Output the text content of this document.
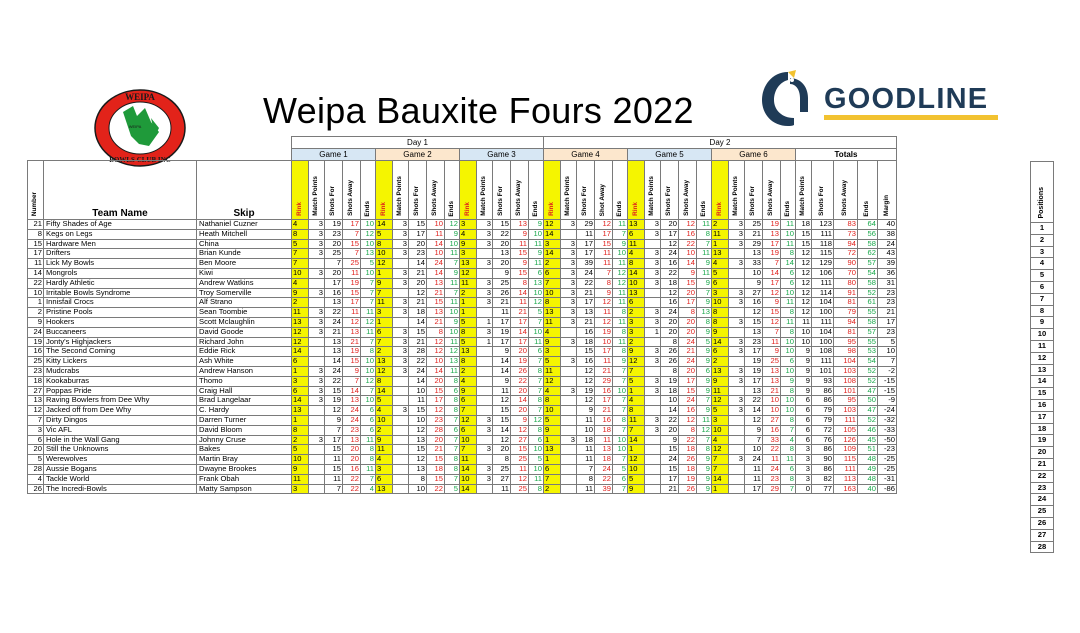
WEIPA
BOWLS CLUB INC
WEIPA	Weipa Bauxite Fours 2022	GOODLINE
			Day 1															Day 2																			
			Game 1					Game 2					Game 3					Game 4					Game 5					Game 6					Totals				
Number	Team Name	Skip	Rink	Match Points	Shots For	Shots Away	Ends	Rink	Match Points	Shots For	Shots Away	Ends	Rink	Match Points	Shots For	Shots Away	Ends	Rink	Match Points	Shots For	Shot Away	Ends	Rink	Match Points	Shots For	Shots Away	Ends	Rink	Match Points	Shots For	Shots Away	Ends	Match Points	Shots For	Shots Away	Ends	Margin
21	Fifty Shades of Age	Nathaniel Cuzner	4	3	19	17	10	14	3	15	10	12	3	3	15	13	9	12	3	29	12	11	13	3	20	12	11	2	3	25	19	11	18	123	83	64	40
8	Kegs on Legs	Heath Mitchell	8	3	23	7	12	5	3	17	11	9	4	3	22	9	10	14		11	17	7	6	3	17	16	8	11	3	21	13	10	15	111	73	56	38
15	Hardware Men	China	5	3	20	15	10	8	3	20	14	10	9	3	20	11	11	3	3	17	15	9	11		12	22	7	1	3	29	17	11	15	118	94	58	24
17	Drifters	Brian Kunde	7	3	25	7	13	10	3	23	10	11	3		13	15	9	14	3	17	11	10	4	3	24	10	11	13		13	19	8	12	115	72	62	43
11	Lick My Bowls	Ben Moore	7		7	25	5	12		14	24	7	13	3	20	9	11	2	3	39	11	11	8	3	16	14	9	4	3	33	7	14	12	129	90	57	39
14	Mongrols	Kiwi	10	3	20	11	10	1	3	21	14	9	12		9	15	6	6	3	24	7	12	14	3	22	9	11	5		10	14	6	12	106	70	54	36
22	Hardly Athletic	Andrew Watkins	4		17	19	7	9	3	20	13	11	11	3	25	8	13	7	3	22	8	12	10	3	18	15	9	6		9	17	6	12	111	80	58	31
10	Irritable Bowls Syndrome	Troy Somerville	9	3	16	15	7	7		12	21	7	2	3	26	14	10	10	3	21	9	11	13		12	20	7	3	3	27	12	10	12	114	91	52	23
1	Innisfail Crocs	Alf Strano	2		13	17	7	11	3	21	15	11	1	3	21	11	12	8	3	17	12	11	6		16	17	9	10	3	16	9	11	12	104	81	61	23
2	Pristine Pools	Sean Toombie	11	3	22	11	11	3	3	18	13	10	1		11	21	5	13	3	13	11	8	2	3	24	8	13	8		12	15	8	12	100	79	55	21
9	Hookers	Scott Mclaughlin	13	3	24	12	12	1		14	21	9	5	1	17	17	7	11	3	21	12	11	3	3	20	20	8	8	3	15	12	11	11	111	94	58	17
24	Buccaneers	David Goode	12	3	21	13	11	6	3	15	8	10	8	3	19	14	10	4		16	19	8	3	1	20	20	9	9		13	7	8	10	104	81	57	23
19	Jonty's Highjackers	Richard John	12		13	21	7	7	3	21	12	11	5	1	17	17	11	9	3	18	10	11	2		8	24	5	14	3	23	11	10	10	100	95	55	5
16	The Second Coming	Eddie Rick	14		13	19	8	2	3	28	12	12	13		9	20	6	3		15	17	8	9	3	26	21	9	6	3	17	9	10	9	108	98	53	10
25	Kitty Lickers	Ash White	6		14	15	10	13	3	22	10	13	8		14	19	7	5	3	16	11	9	12	3	26	24	9	2		19	25	6	9	111	104	54	7
23	Mudcrabs	Andrew Hanson	1	3	24	9	10	12	3	24	14	11	2		14	26	8	11		12	21	7	7		8	20	6	13	3	19	13	10	9	101	103	52	-2
18	Kookaburras	Thomo	3	3	22	7	12	8		14	20	8	4		9	22	7	12		12	29	7	5	3	19	17	9	9	3	17	13	9	9	93	108	52	-15
27	Poppas Pride	Craig Hall	6	3	15	14	7	14		10	15	6	9		11	20	7	4	3	19	16	10	1	3	18	15	9	11		13	21	8	9	86	101	47	-15
13	Raving Bowlers from Dee Why	Brad Langelaar	14	3	19	13	10	5		11	17	8	6		12	14	8	8		12	17	7	4		10	24	7	12	3	22	10	10	6	86	95	50	-9
12	Jacked off from Dee Why	C. Hardy	13		12	24	6	4	3	15	12	8	7		15	20	7	10		9	21	7	8		14	16	9	5	3	14	10	10	6	79	103	47	-24
7	Dirty Dingos	Darren Turner	1		9	24	6	10		10	23	7	12	3	15	9	12	5		11	16	8	11	3	22	12	11	3		12	27	8	6	79	111	52	-32
3	Vic AFL	David Bloom	8		7	23	6	2		12	28	6	6	3	14	12	8	9		10	18	7	7	3	20	8	12	10		9	16	7	6	72	105	46	-33
6	Hole in the Wall Gang	Johnny Cruse	2	3	17	13	11	9		13	20	7	10		12	27	6	1	3	18	11	10	14		9	22	7	4		7	33	4	6	76	126	45	-50
20	Still the Unknowns	Bakes	5		15	20	8	11		15	21	7	7	3	20	15	10	13		11	13	10	1		15	18	8	12		10	22	8	3	86	109	51	-23
5	Werewolves	Martin Bray	10		11	20	8	4		12	15	8	11		8	25	5	1		11	18	7	12		24	26	9	7	3	24	11	11	3	90	115	48	-25
28	Aussie Bogans	Dwayne Brookes	9		15	16	11	3		13	18	8	14	3	25	11	10	6		7	24	5	10		15	18	9	7		11	24	6	3	86	111	49	-25
4	Tackle World	Frank Obah	11		11	22	7	6		8	15	7	10	3	27	12	11	7		8	22	6	5		17	19	9	14		11	23	8	3	82	113	48	-31
26	The Incredi-Bowls	Matty Sampson	3		7	22	4	13		10	22	5	14		11	25	8	2		11	39	7	9		21	26	9	1		17	29	7	0	77	163	40	-86
Positions
1
2
3
4
5
6
7
8
9
10
11
12
13
14
15
16
17
18
19
20
21
22
23
24
25
26
27
28
